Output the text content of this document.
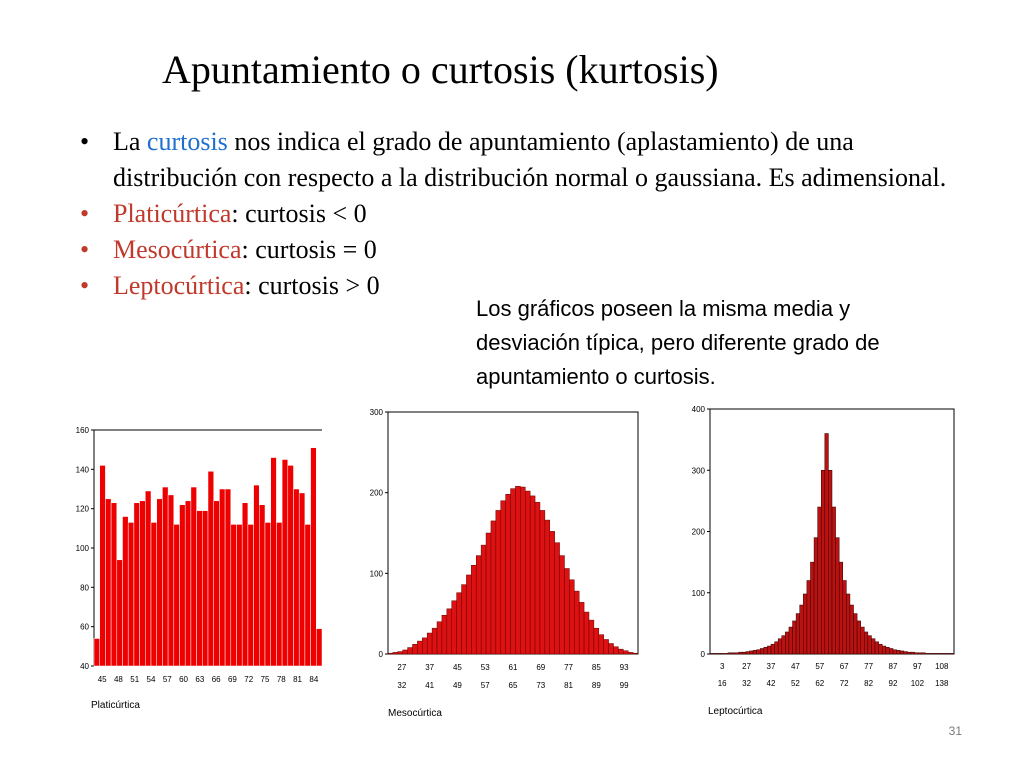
Apuntamiento o curtosis (kurtosis)
• La curtosis nos indica el grado de apuntamiento (aplastamiento) de una distribución con respecto a la distribución normal o gaussiana. Es adimensional.
• Platicúrtica: curtosis < 0
• Mesocúrtica: curtosis = 0
• Leptocúrtica: curtosis > 0
Los gráficos poseen la misma media y desviación típica, pero diferente grado de apuntamiento o curtosis.
40
60
80
100
120
140
160
45 48 51 54 57 60 63 66 69 72 75 78 81 84
Platicúrtica
0
100
200
300
27 37 45 53 61 69 77 85 93
32 41 49 57 65 73 81 89 99
Mesocúrtica
0
100
200
300
400
3 27 37 47 57 67 77 87 97 108
16 32 42 52 62 72 82 92 102 138
Leptocúrtica
31
